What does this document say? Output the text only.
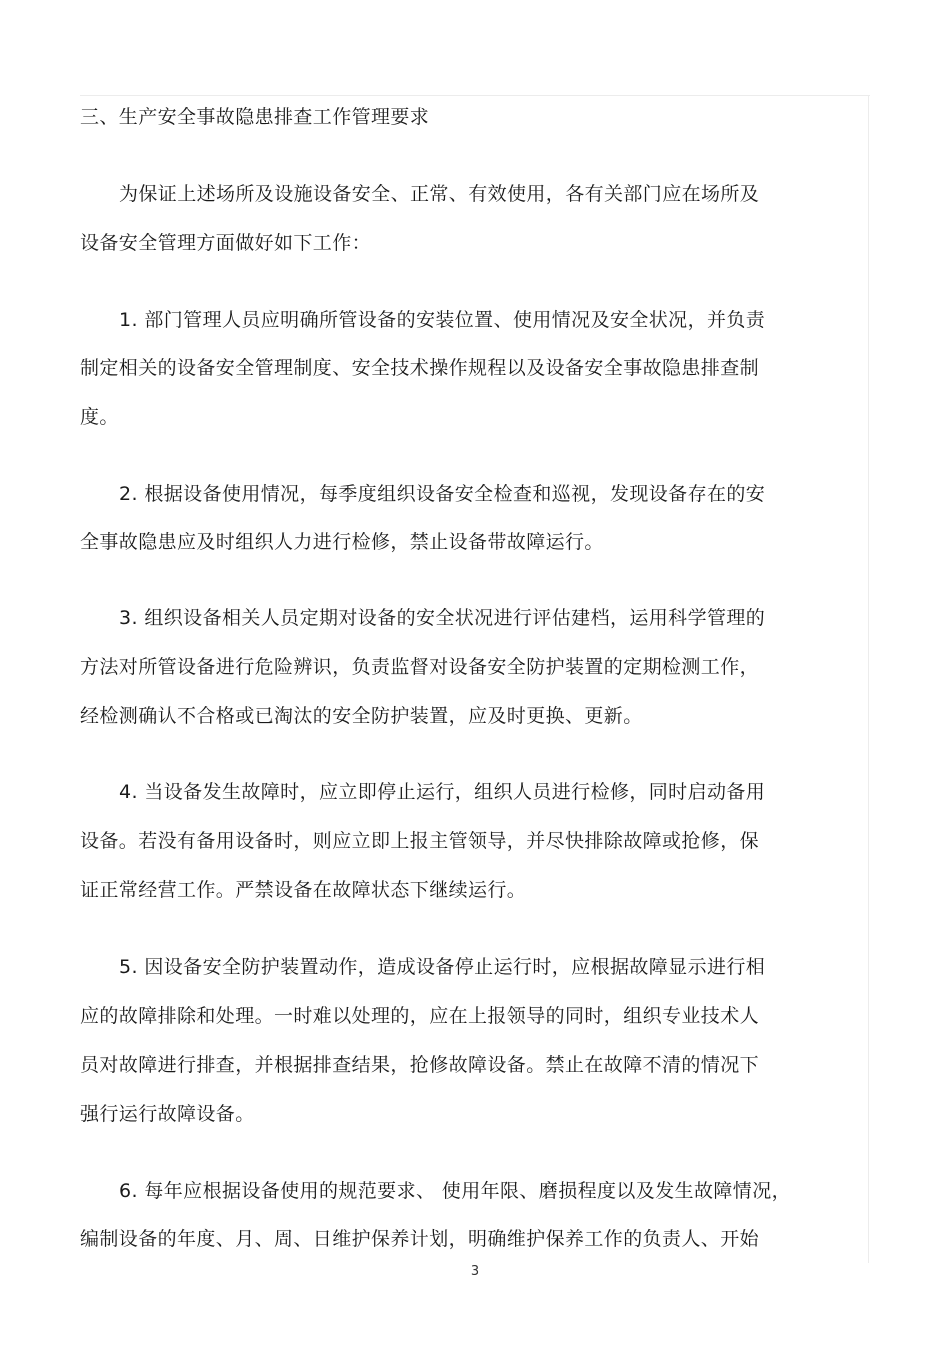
三、生产安全事故隐患排查工作管理要求

为保证上述场所及设施设备安全、正常、有效使用，各有关部门应在场所及

设备安全管理方面做好如下工作：

1. 部门管理人员应明确所管设备的安装位置、使用情况及安全状况，并负责

制定相关的设备安全管理制度、安全技术操作规程以及设备安全事故隐患排查制

度。

2. 根据设备使用情况，每季度组织设备安全检查和巡视，发现设备存在的安

全事故隐患应及时组织人力进行检修，禁止设备带故障运行。

3. 组织设备相关人员定期对设备的安全状况进行评估建档，运用科学管理的

方法对所管设备进行危险辨识，负责监督对设备安全防护装置的定期检测工作，

经检测确认不合格或已淘汰的安全防护装置，应及时更换、更新。

4. 当设备发生故障时，应立即停止运行，组织人员进行检修，同时启动备用

设备。若没有备用设备时，则应立即上报主管领导，并尽快排除故障或抢修，保

证正常经营工作。严禁设备在故障状态下继续运行。

5. 因设备安全防护装置动作，造成设备停止运行时，应根据故障显示进行相

应的故障排除和处理。一时难以处理的，应在上报领导的同时，组织专业技术人

员对故障进行排查，并根据排查结果，抢修故障设备。禁止在故障不清的情况下

强行运行故障设备。

6. 每年应根据设备使用的规范要求、 使用年限、磨损程度以及发生故障情况，

编制设备的年度、月、周、日维护保养计划，明确维护保养工作的负责人、开始

3
